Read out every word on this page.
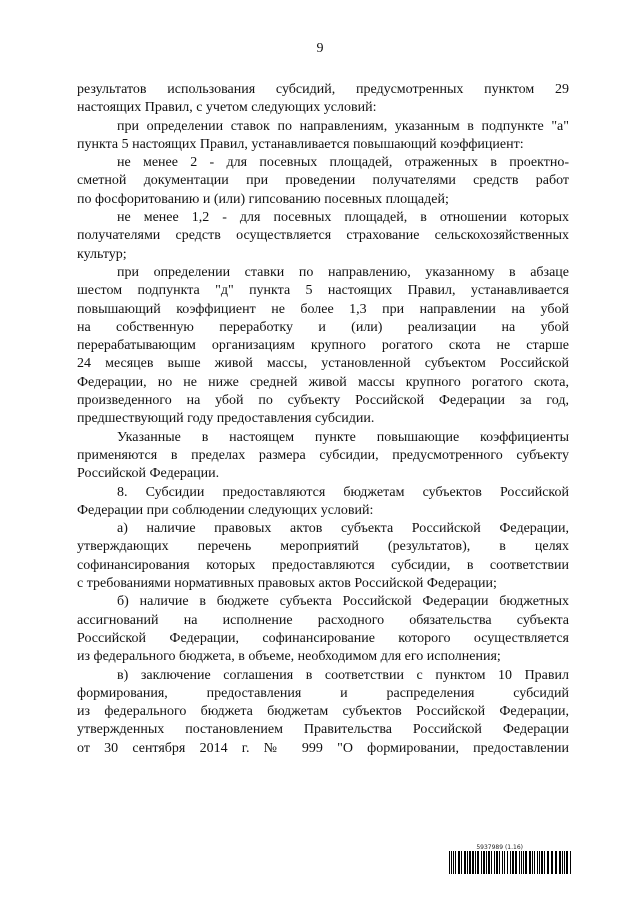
9

результатов использования субсидий, предусмотренных пунктом 29

настоящих Правил, с учетом следующих условий:

при определении ставок по направлениям, указанным в подпункте "а"

пункта 5 настоящих Правил, устанавливается повышающий коэффициент:

не менее 2 - для посевных площадей, отраженных в проектно-

сметной документации при проведении получателями средств работ

по фосфоритованию и (или) гипсованию посевных площадей;

не менее 1,2 - для посевных площадей, в отношении которых

получателями средств осуществляется страхование сельскохозяйственных

культур;

при определении ставки по направлению, указанному в абзаце

шестом подпункта "д" пункта 5 настоящих Правил, устанавливается

повышающий коэффициент не более 1,3 при направлении на убой

на собственную переработку и (или) реализации на убой

перерабатывающим организациям крупного рогатого скота не старше

24 месяцев выше живой массы, установленной субъектом Российской

Федерации, но не ниже средней живой массы крупного рогатого скота,

произведенного на убой по субъекту Российской Федерации за год,

предшествующий году предоставления субсидии.

Указанные в настоящем пункте повышающие коэффициенты

применяются в пределах размера субсидии, предусмотренного субъекту

Российской Федерации.

8. Субсидии предоставляются бюджетам субъектов Российской

Федерации при соблюдении следующих условий:

а) наличие правовых актов субъекта Российской Федерации,

утверждающих перечень мероприятий (результатов), в целях

софинансирования которых предоставляются субсидии, в соответствии

с требованиями нормативных правовых актов Российской Федерации;

б) наличие в бюджете субъекта Российской Федерации бюджетных

ассигнований на исполнение расходного обязательства субъекта

Российской Федерации, софинансирование которого осуществляется

из федерального бюджета, в объеме, необходимом для его исполнения;

в) заключение соглашения в соответствии с пунктом 10 Правил

формирования, предоставления и распределения субсидий

из федерального бюджета бюджетам субъектов Российской Федерации,

утвержденных постановлением Правительства Российской Федерации

от 30 сентября 2014 г. № 999 "О формировании, предоставлении

5937989 (1.16)
